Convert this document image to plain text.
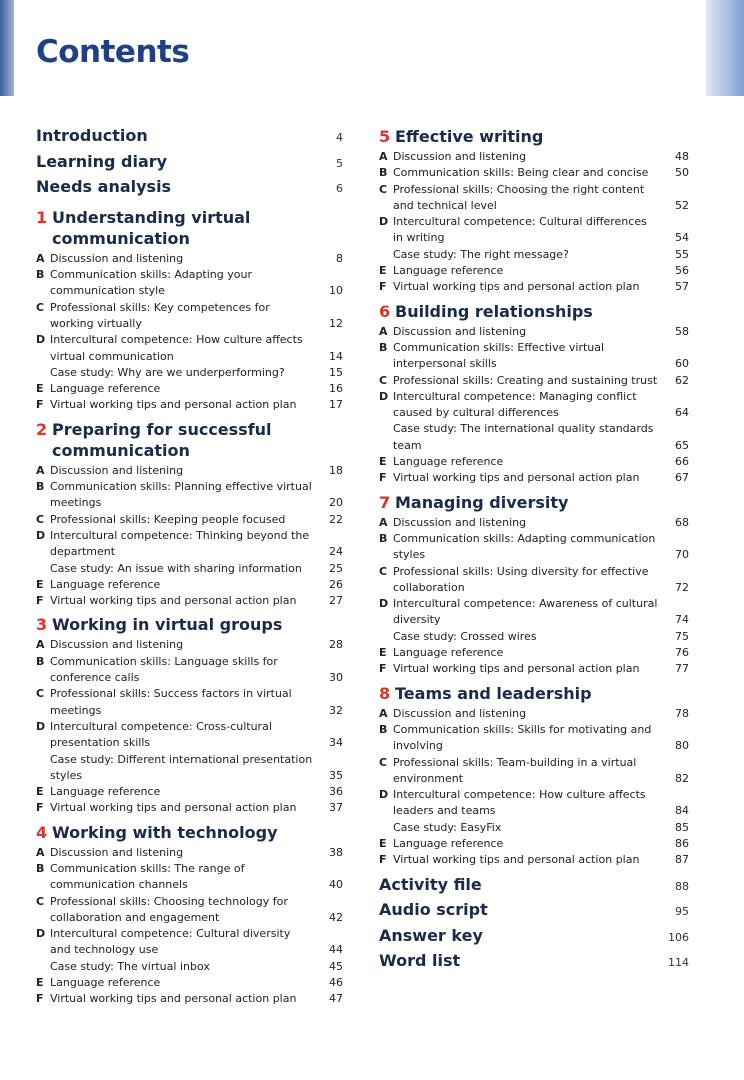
Contents
Introduction	4
Learning diary	5
Needs analysis	6
1 Understanding virtual communication
A Discussion and listening	8
B Communication skills: Adapting your communication style	10
C Professional skills: Key competences for working virtually	12
D Intercultural competence: How culture affects virtual communication	14
Case study: Why are we underperforming?	15
E Language reference	16
F Virtual working tips and personal action plan	17
2 Preparing for successful communication
A Discussion and listening	18
B Communication skills: Planning effective virtual meetings	20
C Professional skills: Keeping people focused	22
D Intercultural competence: Thinking beyond the department	24
Case study: An issue with sharing information	25
E Language reference	26
F Virtual working tips and personal action plan	27
3 Working in virtual groups
A Discussion and listening	28
B Communication skills: Language skills for conference calls	30
C Professional skills: Success factors in virtual meetings	32
D Intercultural competence: Cross-cultural presentation skills	34
Case study: Different international presentation styles	35
E Language reference	36
F Virtual working tips and personal action plan	37
4 Working with technology
A Discussion and listening	38
B Communication skills: The range of communication channels	40
C Professional skills: Choosing technology for collaboration and engagement	42
D Intercultural competence: Cultural diversity and technology use	44
Case study: The virtual inbox	45
E Language reference	46
F Virtual working tips and personal action plan	47
5 Effective writing
A Discussion and listening	48
B Communication skills: Being clear and concise	50
C Professional skills: Choosing the right content and technical level	52
D Intercultural competence: Cultural differences in writing	54
Case study: The right message?	55
E Language reference	56
F Virtual working tips and personal action plan	57
6 Building relationships
A Discussion and listening	58
B Communication skills: Effective virtual interpersonal skills	60
C Professional skills: Creating and sustaining trust	62
D Intercultural competence: Managing conflict caused by cultural differences	64
Case study: The international quality standards team	65
E Language reference	66
F Virtual working tips and personal action plan	67
7 Managing diversity
A Discussion and listening	68
B Communication skills: Adapting communication styles	70
C Professional skills: Using diversity for effective collaboration	72
D Intercultural competence: Awareness of cultural diversity	74
Case study: Crossed wires	75
E Language reference	76
F Virtual working tips and personal action plan	77
8 Teams and leadership
A Discussion and listening	78
B Communication skills: Skills for motivating and involving	80
C Professional skills: Team-building in a virtual environment	82
D Intercultural competence: How culture affects leaders and teams	84
Case study: EasyFix	85
E Language reference	86
F Virtual working tips and personal action plan	87
Activity file	88
Audio script	95
Answer key	106
Word list	114
